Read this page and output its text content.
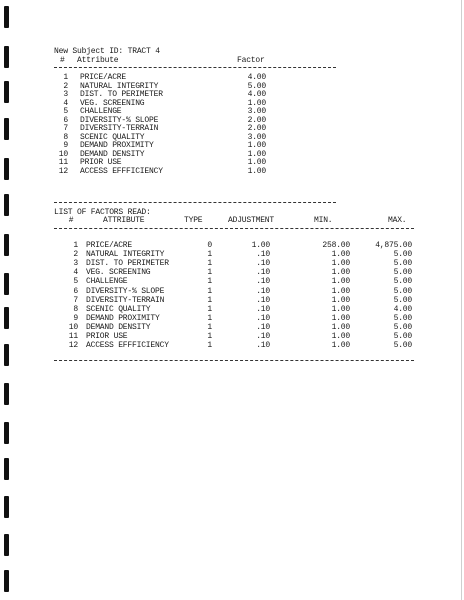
New Subject ID: TRACT 4
# Attribute	Factor
1 PRICE/ACRE	4.00
2 NATURAL INTEGRITY	5.00
3 DIST. TO PERIMETER	4.00
4 VEG. SCREENING	1.00
5 CHALLENGE	3.00
6 DIVERSITY-% SLOPE	2.00
7 DIVERSITY-TERRAIN	2.00
8 SCENIC QUALITY	3.00
9 DEMAND PROXIMITY	1.00
10 DEMAND DENSITY	1.00
11 PRIOR USE	1.00
12 ACCESS EFFFICIENCY	1.00
LIST OF FACTORS READ:
#	ATTRIBUTE	TYPE	ADJUSTMENT	MIN.	MAX.
1 PRICE/ACRE	0	1.00	258.00	4,875.00
2 NATURAL INTEGRITY	1	.10	1.00	5.00
3 DIST. TO PERIMETER	1	.10	1.00	5.00
4 VEG. SCREENING	1	.10	1.00	5.00
5 CHALLENGE	1	.10	1.00	5.00
6 DIVERSITY-% SLOPE	1	.10	1.00	5.00
7 DIVERSITY-TERRAIN	1	.10	1.00	5.00
8 SCENIC QUALITY	1	.10	1.00	4.00
9 DEMAND PROXIMITY	1	.10	1.00	5.00
10 DEMAND DENSITY	1	.10	1.00	5.00
11 PRIOR USE	1	.10	1.00	5.00
12 ACCESS EFFFICIENCY	1	.10	1.00	5.00
